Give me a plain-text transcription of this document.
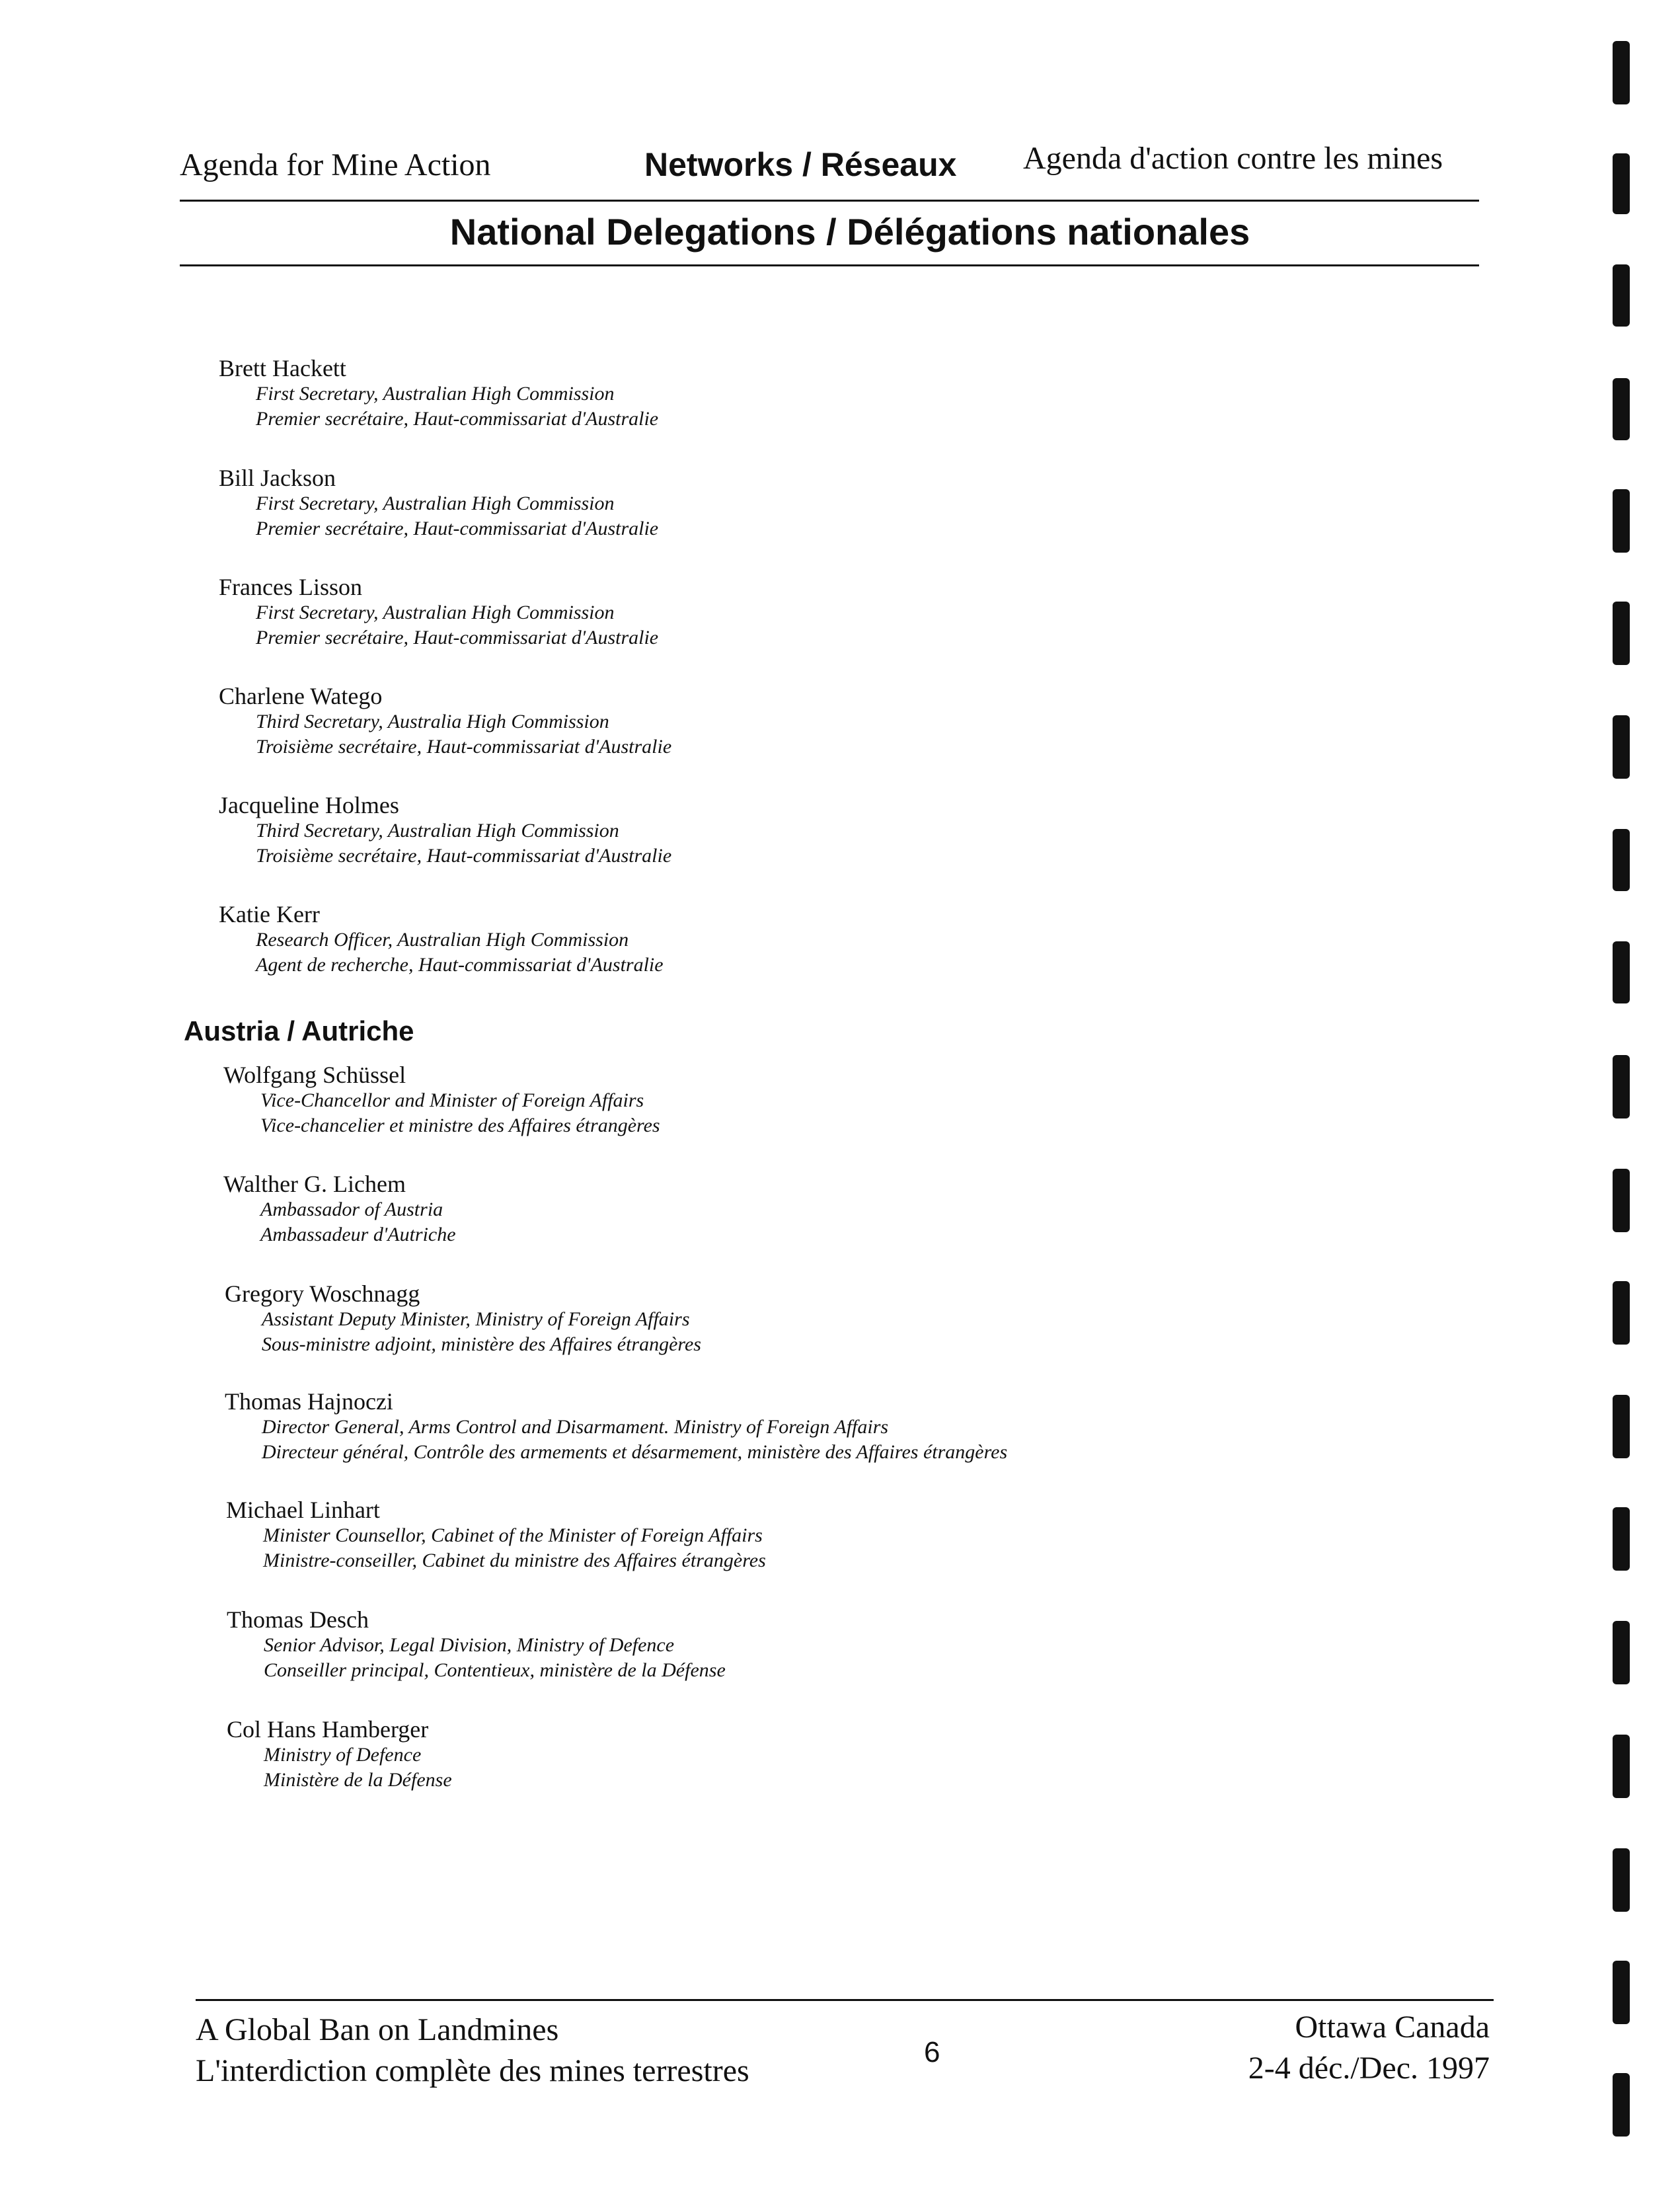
Agenda for Mine Action	Networks / Réseaux Agenda d'action contre les mines
National Delegations / Délégations nationales
Brett Hackett
First Secretary, Australian High Commission
Premier secrétaire, Haut-commissariat d'Australie
Bill Jackson
First Secretary, Australian High Commission
Premier secrétaire, Haut-commissariat d'Australie
Frances Lisson
First Secretary, Australian High Commission
Premier secrétaire, Haut-commissariat d'Australie
Charlene Watego
Third Secretary, Australia High Commission
Troisième secrétaire, Haut-commissariat d'Australie
Jacqueline Holmes
Third Secretary, Australian High Commission
Troisième secrétaire, Haut-commissariat d'Australie
Katie Kerr
Research Officer, Australian High Commission
Agent de recherche, Haut-commissariat d'Australie
Austria / Autriche
Wolfgang Schüssel
Vice-Chancellor and Minister of Foreign Affairs
Vice-chancelier et ministre des Affaires étrangères
Walther G. Lichem
Ambassador of Austria
Ambassadeur d'Autriche
Gregory Woschnagg
Assistant Deputy Minister, Ministry of Foreign Affairs
Sous-ministre adjoint, ministère des Affaires étrangères
Thomas Hajnoczi
Director General, Arms Control and Disarmament. Ministry of Foreign Affairs
Directeur général, Contrôle des armements et désarmement, ministère des Affaires étrangères
Michael Linhart
Minister Counsellor, Cabinet of the Minister of Foreign Affairs
Ministre-conseiller, Cabinet du ministre des Affaires étrangères
Thomas Desch
Senior Advisor, Legal Division, Ministry of Defence
Conseiller principal, Contentieux, ministère de la Défense
Col Hans Hamberger
Ministry of Defence
Ministère de la Défense
A Global Ban on Landmines
L'interdiction complète des mines terrestres
6
Ottawa Canada
2-4 déc./Dec. 1997
